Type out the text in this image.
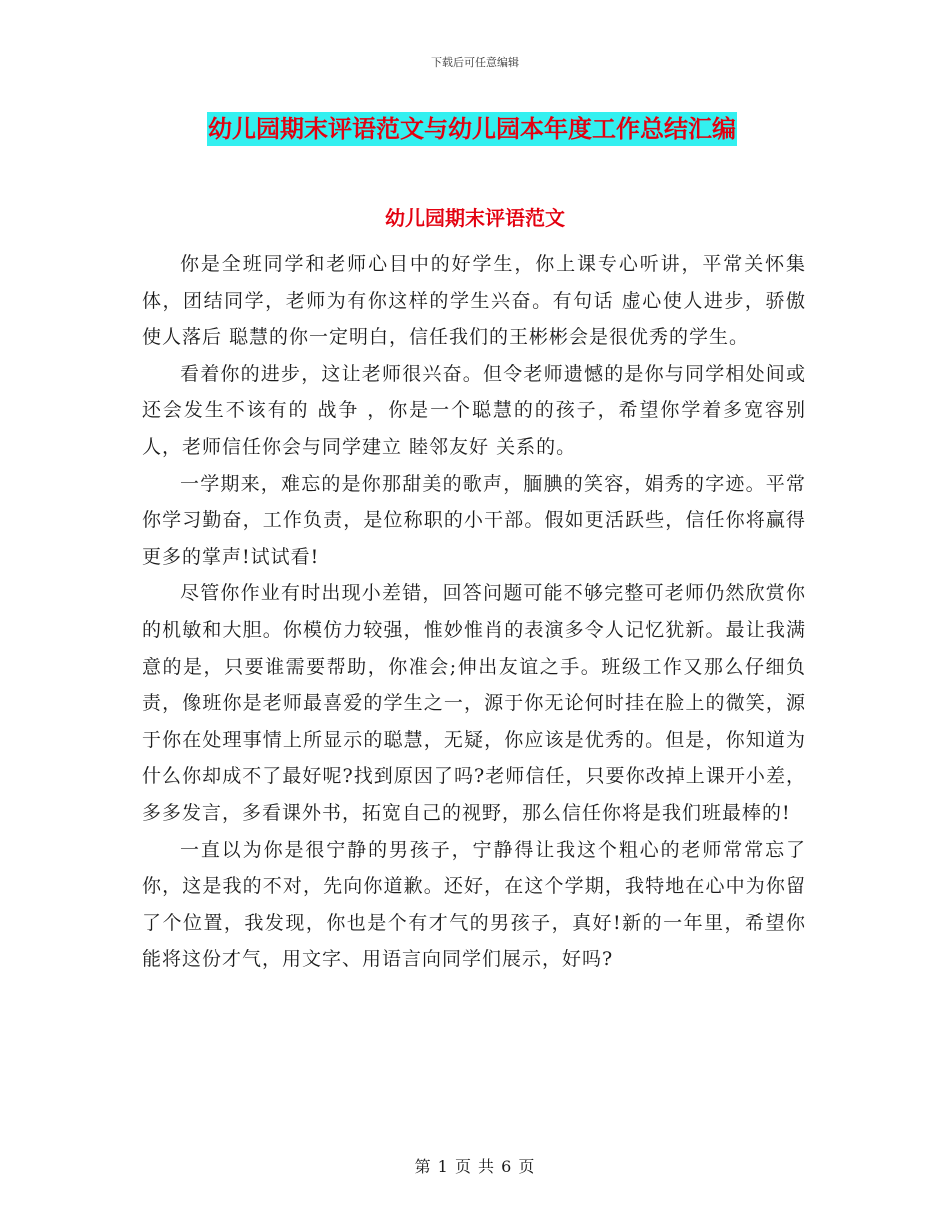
下载后可任意编辑
幼儿园期末评语范文与幼儿园本年度工作总结汇编
幼儿园期末评语范文

你是全班同学和老师心目中的好学生，你上课专心听讲，平常关怀集体，团结同学，老师为有你这样的学生兴奋。有句话 虚心使人进步，骄傲使人落后 聪慧的你一定明白，信任我们的王彬彬会是很优秀的学生。

看着你的进步，这让老师很兴奋。但令老师遗憾的是你与同学相处间或还会发生不该有的 战争 ，你是一个聪慧的的孩子，希望你学着多宽容别人，老师信任你会与同学建立 睦邻友好 关系的。

一学期来，难忘的是你那甜美的歌声，腼腆的笑容，娟秀的字迹。平常你学习勤奋，工作负责，是位称职的小干部。假如更活跃些，信任你将赢得更多的掌声!试试看!

尽管你作业有时出现小差错，回答问题可能不够完整可老师仍然欣赏你的机敏和大胆。你模仿力较强，惟妙惟肖的表演多令人记忆犹新。最让我满意的是，只要谁需要帮助，你准会;伸出友谊之手。班级工作又那么仔细负责，像班你是老师最喜爱的学生之一，源于你无论何时挂在脸上的微笑，源于你在处理事情上所显示的聪慧，无疑，你应该是优秀的。但是，你知道为什么你却成不了最好呢?找到原因了吗?老师信任，只要你改掉上课开小差，多多发言，多看课外书，拓宽自己的视野，那么信任你将是我们班最棒的!

一直以为你是很宁静的男孩子，宁静得让我这个粗心的老师常常忘了你，这是我的不对，先向你道歉。还好，在这个学期，我特地在心中为你留了个位置，我发现，你也是个有才气的男孩子，真好!新的一年里，希望你能将这份才气，用文字、用语言向同学们展示，好吗?

第 1 页 共 6 页
